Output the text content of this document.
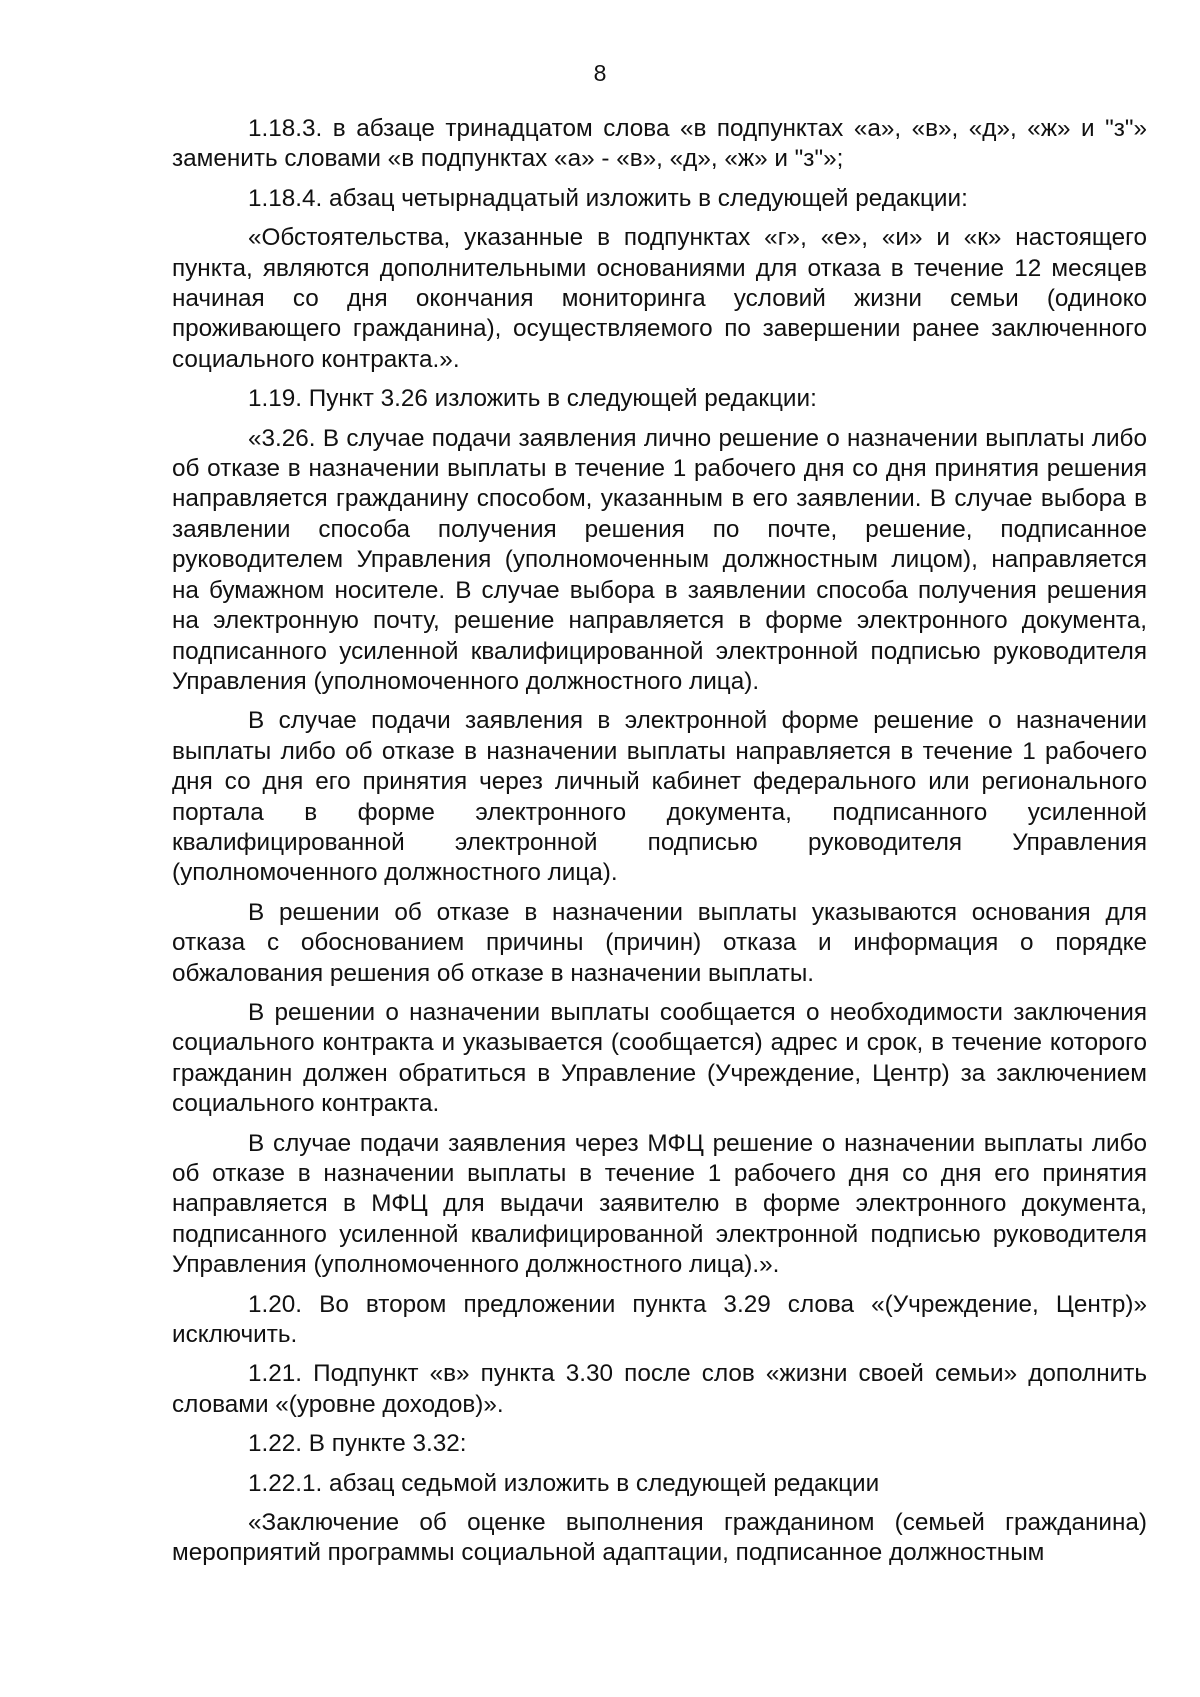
8

1.18.3. в абзаце тринадцатом слова «в подпунктах «а», «в», «д», «ж» и "з"» заменить словами «в подпунктах «а» - «в», «д», «ж» и "з"»;

1.18.4. абзац четырнадцатый изложить в следующей редакции:

«Обстоятельства, указанные в подпунктах «г», «е», «и» и «к» настоящего пункта, являются дополнительными основаниями для отказа в течение 12 месяцев начиная со дня окончания мониторинга условий жизни семьи (одиноко проживающего гражданина), осуществляемого по завершении ранее заключенного социального контракта.».

1.19. Пункт 3.26 изложить в следующей редакции:

«3.26. В случае подачи заявления лично решение о назначении выплаты либо об отказе в назначении выплаты в течение 1 рабочего дня со дня принятия решения направляется гражданину способом, указанным в его заявлении. В случае выбора в заявлении способа получения решения по почте, решение, подписанное руководителем Управления (уполномоченным должностным лицом), направляется на бумажном носителе. В случае выбора в заявлении способа получения решения на электронную почту, решение направляется в форме электронного документа, подписанного усиленной квалифицированной электронной подписью руководителя Управления (уполномоченного должностного лица).

В случае подачи заявления в электронной форме решение о назначении выплаты либо об отказе в назначении выплаты направляется в течение 1 рабочего дня со дня его принятия через личный кабинет федерального или регионального портала в форме электронного документа, подписанного усиленной квалифицированной электронной подписью руководителя Управления (уполномоченного должностного лица).

В решении об отказе в назначении выплаты указываются основания для отказа с обоснованием причины (причин) отказа и информация о порядке обжалования решения об отказе в назначении выплаты.

В решении о назначении выплаты сообщается о необходимости заключения социального контракта и указывается (сообщается) адрес и срок, в течение которого гражданин должен обратиться в Управление (Учреждение, Центр) за заключением социального контракта.

В случае подачи заявления через МФЦ решение о назначении выплаты либо об отказе в назначении выплаты в течение 1 рабочего дня со дня его принятия направляется в МФЦ для выдачи заявителю в форме электронного документа, подписанного усиленной квалифицированной электронной подписью руководителя Управления (уполномоченного должностного лица).».

1.20. Во втором предложении пункта 3.29 слова «(Учреждение, Центр)» исключить.

1.21. Подпункт «в» пункта 3.30 после слов «жизни своей семьи» дополнить словами «(уровне доходов)».

1.22. В пункте 3.32:

1.22.1. абзац седьмой изложить в следующей редакции

«Заключение об оценке выполнения гражданином (семьей гражданина) мероприятий программы социальной адаптации, подписанное должностным
